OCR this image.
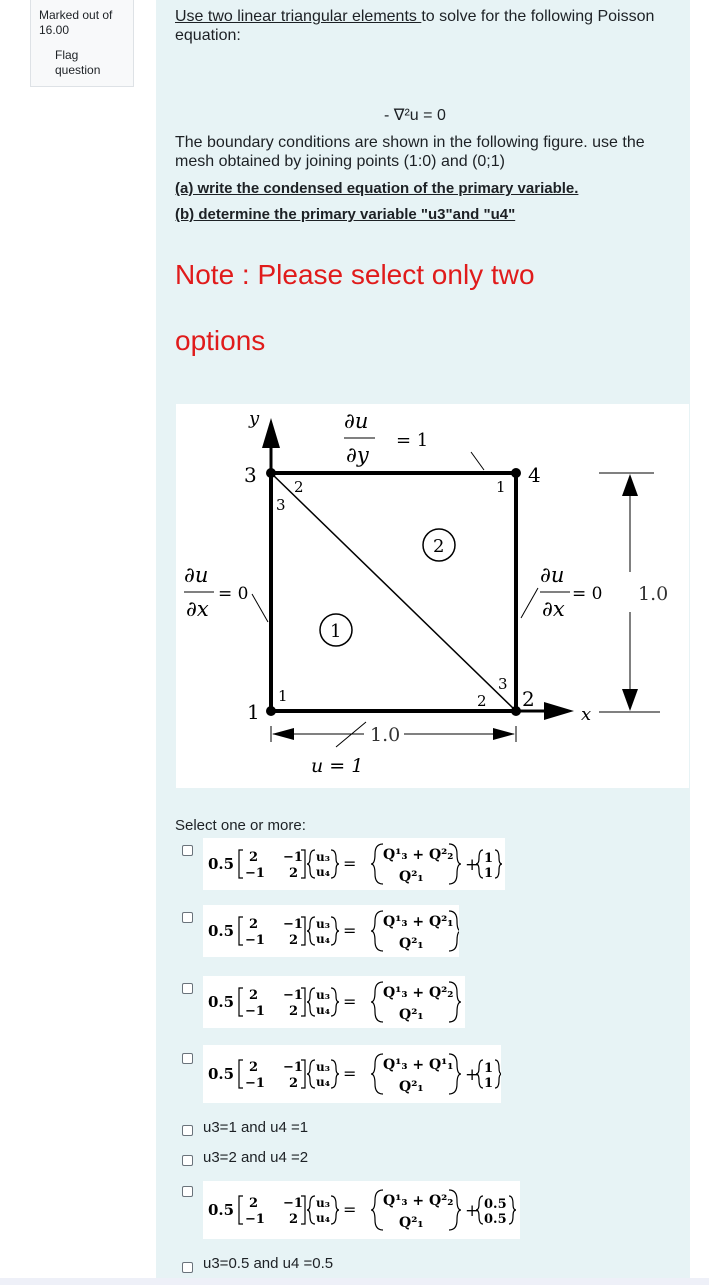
Marked out of 16.00
Flag question
Use two linear triangular elements to solve for the following Poisson equation:
- ∇²u = 0
The boundary conditions are shown in the following figure. use the mesh obtained by joining points (1:0) and (0;1)
(a) write the condensed equation of the primary variable.
(b) determine the primary variable "u3"and "u4"
Note : Please select only two
options
y
x
3	4
1
2
1	2
3
1
2
3
1
2
∂u
∂y
= 1
∂u
∂x
= 0
∂u
∂x
= 0
u = 1
1.0
1.0
Select one or more:
0.5 2 −1
−1 2
u₃
u₄ = Q¹₃ + Q²₂
Q²₁
+ 1
1
0.5 2 −1
−1 2
u₃
u₄ = Q¹₃ + Q²₁
Q²₁
0.5 2 −1
−1 2
u₃
u₄ = Q¹₃ + Q²₂
Q²₁
0.5 2 −1
−1 2
u₃
u₄ = Q¹₃ + Q¹₁
Q²₁
+ 1
1
u3=1 and u4 =1
u3=2 and u4 =2
0.5 2 −1
−1 2
u₃
u₄ = Q¹₃ + Q²₂
Q²₁
+ 0.5
0.5
u3=0.5 and u4 =0.5
